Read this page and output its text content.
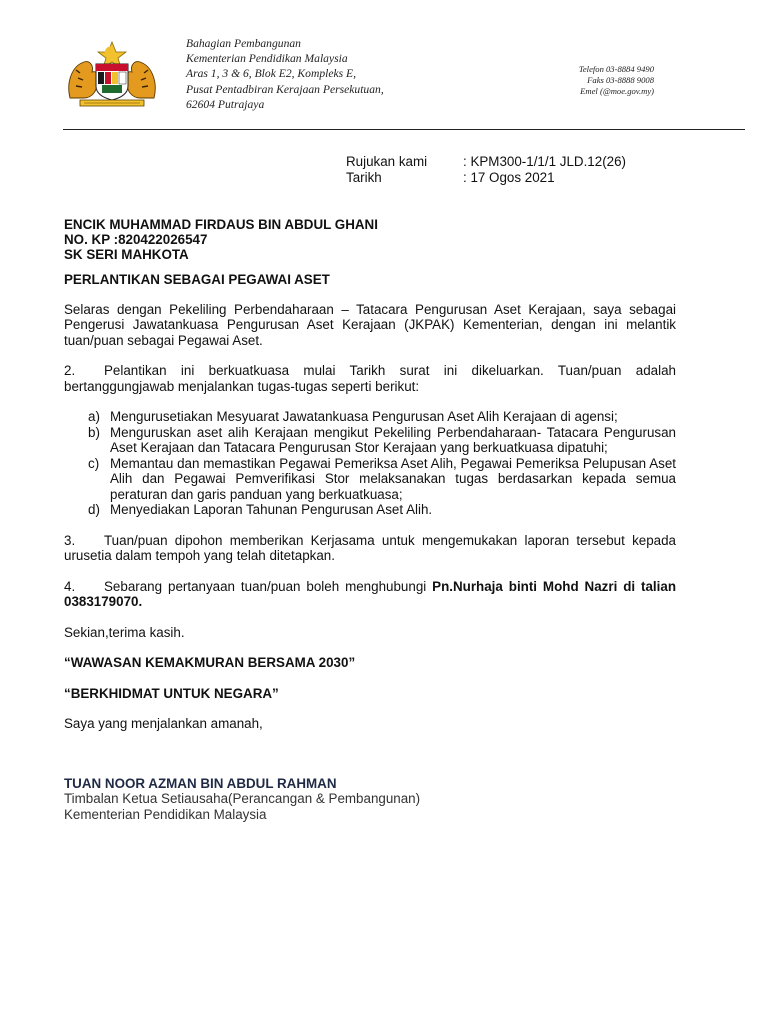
Bahagian Pembangunan
Kementerian Pendidikan Malaysia
Aras 1, 3 & 6, Blok E2, Kompleks E,
Pusat Pentadbiran Kerajaan Persekutuan,
62604 Putrajaya
Telefon 03-8884 9490
Faks 03-8888 9008
Emel (@moe.gov.my)
Rujukan kami	: KPM300-1/1/1 JLD.12(26)
Tarikh	: 17 Ogos 2021
ENCIK MUHAMMAD FIRDAUS BIN ABDUL GHANI
NO. KP :820422026547
SK SERI MAHKOTA

PERLANTIKAN SEBAGAI PEGAWAI ASET

Selaras dengan Pekeliling Perbendaharaan – Tatacara Pengurusan Aset Kerajaan, saya sebagai Pengerusi Jawatankuasa Pengurusan Aset Kerajaan (JKPAK) Kementerian, dengan ini melantik tuan/puan sebagai Pegawai Aset.

2. Pelantikan ini berkuatkuasa mulai Tarikh surat ini dikeluarkan. Tuan/puan adalah bertanggungjawab menjalankan tugas-tugas seperti berikut:

a) Mengurusetiakan Mesyuarat Jawatankuasa Pengurusan Aset Alih Kerajaan di agensi;
b) Menguruskan aset alih Kerajaan mengikut Pekeliling Perbendaharaan- Tatacara Pengurusan Aset Kerajaan dan Tatacara Pengurusan Stor Kerajaan yang berkuatkuasa dipatuhi;
c) Memantau dan memastikan Pegawai Pemeriksa Aset Alih, Pegawai Pemeriksa Pelupusan Aset Alih dan Pegawai Pemverifikasi Stor melaksanakan tugas berdasarkan kepada semua peraturan dan garis panduan yang berkuatkuasa;
d) Menyediakan Laporan Tahunan Pengurusan Aset Alih.

3. Tuan/puan dipohon memberikan Kerjasama untuk mengemukakan laporan tersebut kepada urusetia dalam tempoh yang telah ditetapkan.

4. Sebarang pertanyaan tuan/puan boleh menghubungi Pn.Nurhaja binti Mohd Nazri di talian 0383179070.

Sekian,terima kasih.

“WAWASAN KEMAKMURAN BERSAMA 2030”

“BERKHIDMAT UNTUK NEGARA”

Saya yang menjalankan amanah,

TUAN NOOR AZMAN BIN ABDUL RAHMAN
Timbalan Ketua Setiausaha(Perancangan & Pembangunan)
Kementerian Pendidikan Malaysia
